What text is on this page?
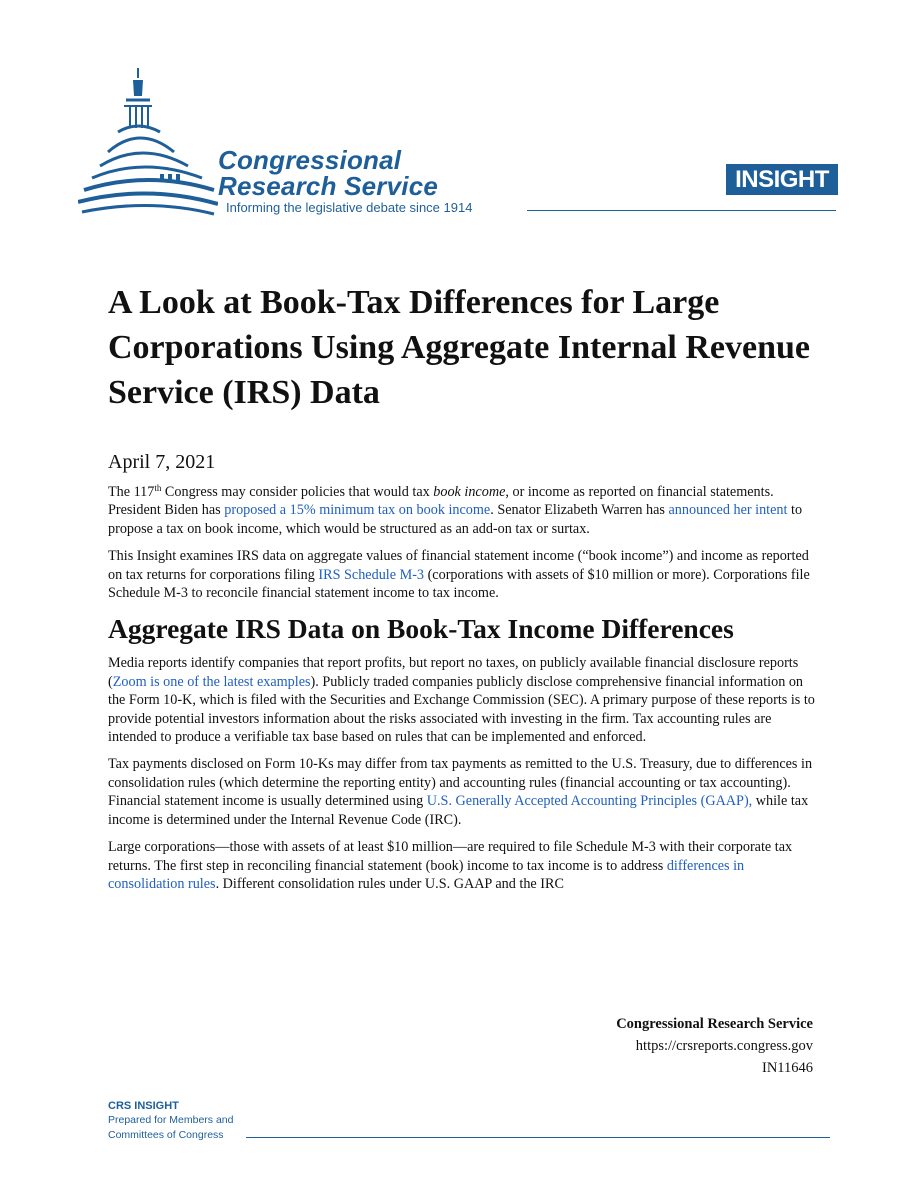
Congressional
Research Service
Informing the legislative debate since 1914
INSIGHT
A Look at Book-Tax Differences for Large Corporations Using Aggregate Internal Revenue Service (IRS) Data
April 7, 2021

The 117th Congress may consider policies that would tax book income, or income as reported on financial statements. President Biden has proposed a 15% minimum tax on book income. Senator Elizabeth Warren has announced her intent to propose a tax on book income, which would be structured as an add-on tax or surtax.

This Insight examines IRS data on aggregate values of financial statement income (“book income”) and income as reported on tax returns for corporations filing IRS Schedule M-3 (corporations with assets of $10 million or more). Corporations file Schedule M-3 to reconcile financial statement income to tax income.

Aggregate IRS Data on Book-Tax Income Differences

Media reports identify companies that report profits, but report no taxes, on publicly available financial disclosure reports (Zoom is one of the latest examples). Publicly traded companies publicly disclose comprehensive financial information on the Form 10-K, which is filed with the Securities and Exchange Commission (SEC). A primary purpose of these reports is to provide potential investors information about the risks associated with investing in the firm. Tax accounting rules are intended to produce a verifiable tax base based on rules that can be implemented and enforced.

Tax payments disclosed on Form 10-Ks may differ from tax payments as remitted to the U.S. Treasury, due to differences in consolidation rules (which determine the reporting entity) and accounting rules (financial accounting or tax accounting). Financial statement income is usually determined using U.S. Generally Accepted Accounting Principles (GAAP), while tax income is determined under the Internal Revenue Code (IRC).

Large corporations—those with assets of at least $10 million—are required to file Schedule M-3 with their corporate tax returns. The first step in reconciling financial statement (book) income to tax income is to address differences in consolidation rules. Different consolidation rules under U.S. GAAP and the IRC

Congressional Research Service
https://crsreports.congress.gov
IN11646
CRS INSIGHT
Prepared for Members and
Committees of Congress
